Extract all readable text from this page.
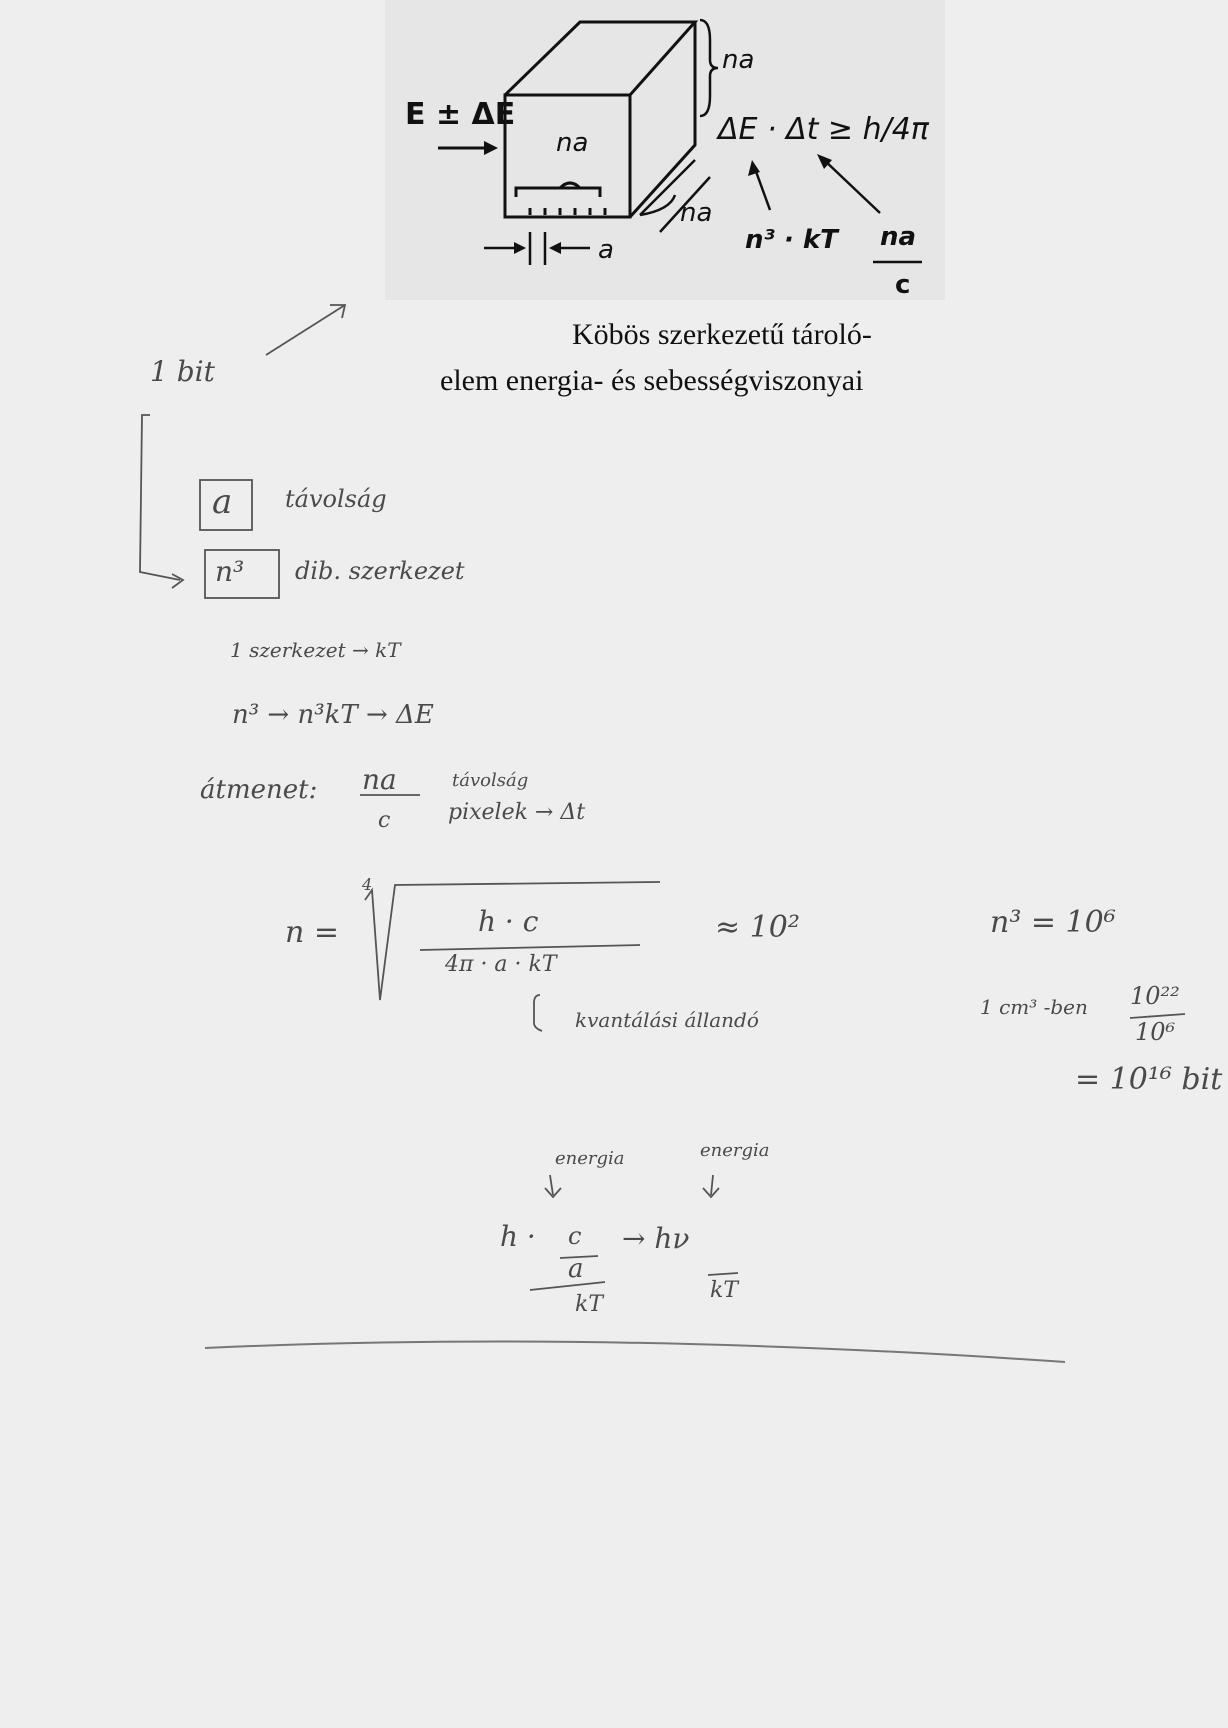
E ± ΔE
na
na
na
ΔE · Δt ≥ h/4π
a	n³ · kT na
c
Köbös szerkezetű tároló-
elem energia- és sebességviszonyai
1 bit
a távolság
n³ dib. szerkezet
1 szerkezet → kT
n³ → n³kT → ΔE
átmenet: na
c
távolság
pixelek → Δt
n =
4
h · c
4π · a · kT
≈ 10²	n³ = 10⁶
kvantálási állandó
1 cm³ -ben 10²²
10⁶
= 10¹⁶ bit
energia	energia
h · c
a
→ hν
kT
kT
